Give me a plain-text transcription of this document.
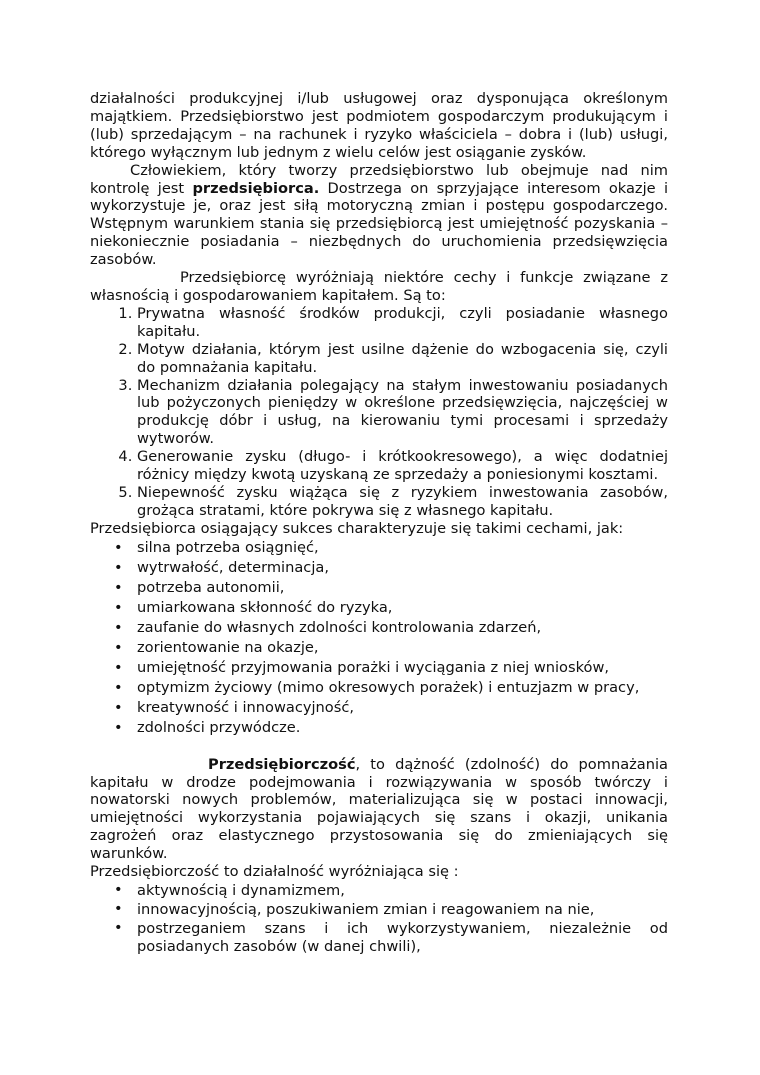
działalności produkcyjnej i/lub usługowej oraz dysponująca określonym majątkiem. Przedsiębiorstwo jest podmiotem gospodarczym produkującym i (lub) sprzedającym – na rachunek i ryzyko właściciela – dobra i (lub) usługi, którego wyłącznym lub jednym z wielu celów jest osiąganie zysków.

Człowiekiem, który tworzy przedsiębiorstwo lub obejmuje nad nim kontrolę jest przedsiębiorca. Dostrzega on sprzyjające interesom okazje i wykorzystuje je, oraz jest siłą motoryczną zmian i postępu gospodarczego. Wstępnym warunkiem stania się przedsiębiorcą jest umiejętność pozyskania – niekoniecznie posiadania – niezbędnych do uruchomienia przedsięwzięcia zasobów.

Przedsiębiorcę wyróżniają niektóre cechy i funkcje związane z własnością i gospodarowaniem kapitałem. Są to:

1. Prywatna własność środków produkcji, czyli posiadanie własnego kapitału.
2. Motyw działania, którym jest usilne dążenie do wzbogacenia się, czyli do pomnażania kapitału.
3. Mechanizm działania polegający na stałym inwestowaniu posiadanych lub pożyczonych pieniędzy w określone przedsięwzięcia, najczęściej w produkcję dóbr i usług, na kierowaniu tymi procesami i sprzedaży wytworów.
4. Generowanie zysku (długo- i krótkookresowego), a więc dodatniej różnicy między kwotą uzyskaną ze sprzedaży a poniesionymi kosztami.
5. Niepewność zysku wiążąca się z ryzykiem inwestowania zasobów, grożąca stratami, które pokrywa się z własnego kapitału.

Przedsiębiorca osiągający sukces charakteryzuje się takimi cechami, jak:

• silna potrzeba osiągnięć,
• wytrwałość, determinacja,
• potrzeba autonomii,
• umiarkowana skłonność do ryzyka,
• zaufanie do własnych zdolności kontrolowania zdarzeń,
• zorientowanie na okazje,
• umiejętność przyjmowania porażki i wyciągania z niej wniosków,
• optymizm życiowy (mimo okresowych porażek) i entuzjazm w pracy,
• kreatywność i innowacyjność,
• zdolności przywódcze.

Przedsiębiorczość, to dążność (zdolność) do pomnażania kapitału w drodze podejmowania i rozwiązywania w sposób twórczy i nowatorski nowych problemów, materializująca się w postaci innowacji, umiejętności wykorzystania pojawiających się szans i okazji, unikania zagrożeń oraz elastycznego przystosowania się do zmieniających się warunków.

Przedsiębiorczość to działalność wyróżniająca się :

• aktywnością i dynamizmem,
• innowacyjnością, poszukiwaniem zmian i reagowaniem na nie,
• postrzeganiem szans i ich wykorzystywaniem, niezależnie od posiadanych zasobów (w danej chwili),
